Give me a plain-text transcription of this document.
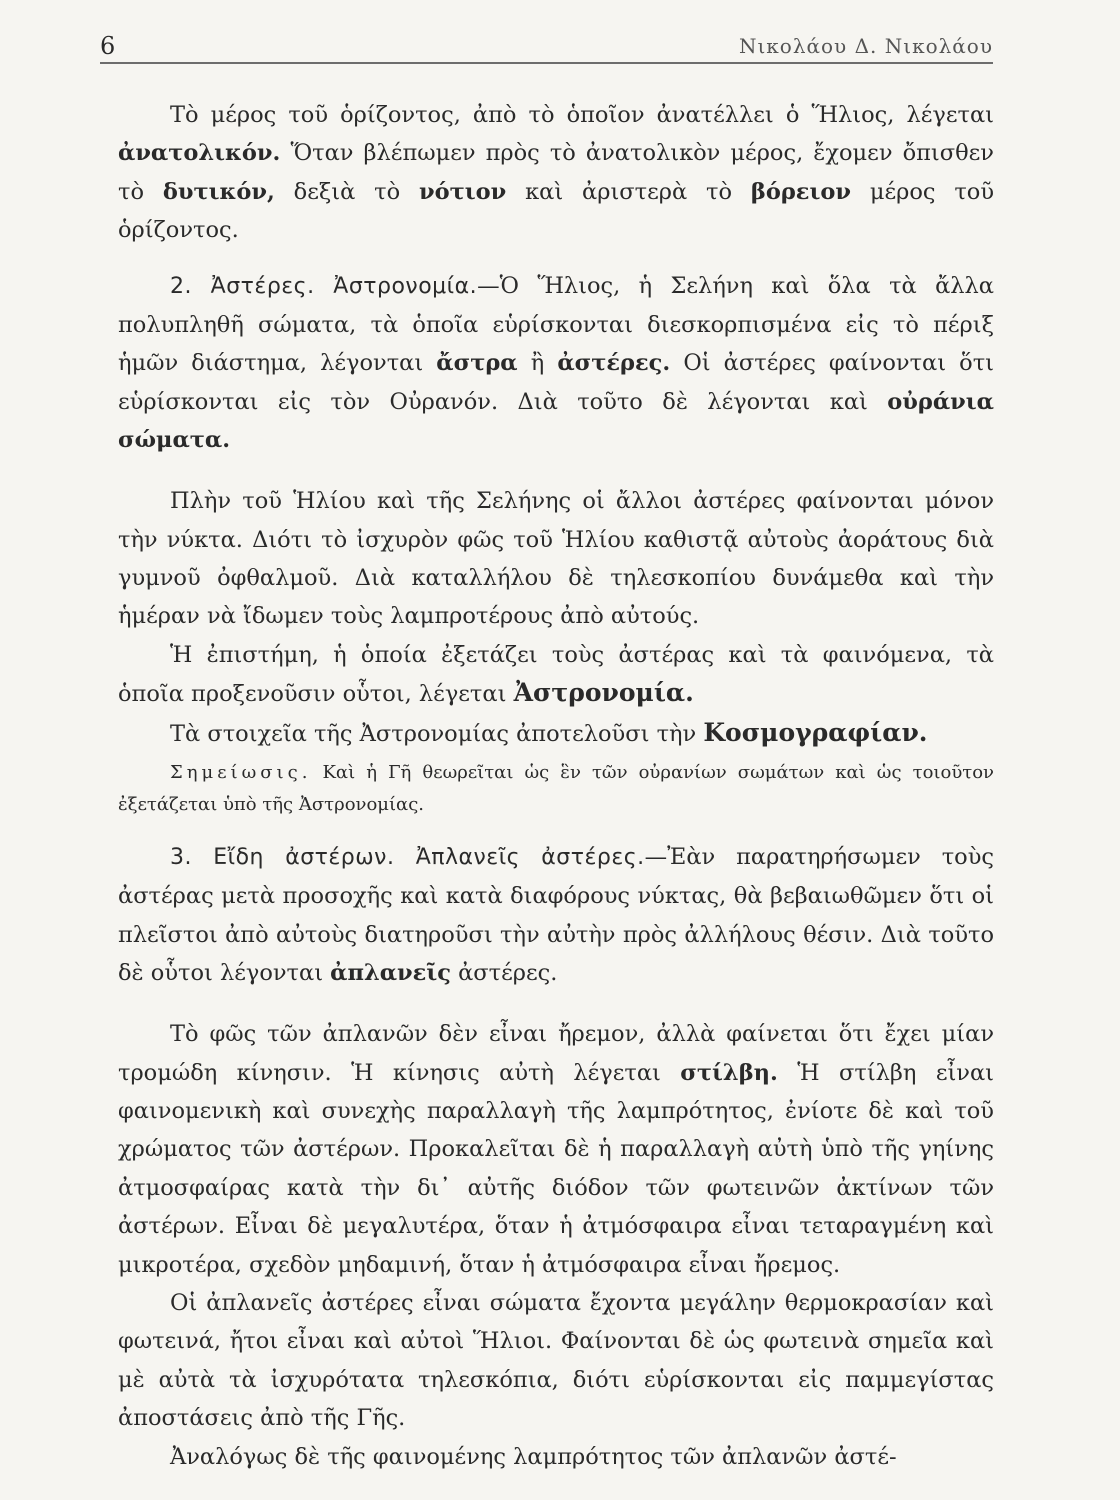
6	Νικολάου Δ. Νικολάου

Τὸ μέρος τοῦ ὁρίζοντος, ἀπὸ τὸ ὁποῖον ἀνατέλλει ὁ Ἥλιος, λέγεται ἀνατολικόν. Ὅταν βλέπωμεν πρὸς τὸ ἀνατολικὸν μέρος, ἔχομεν ὄπισθεν τὸ δυτικόν, δεξιὰ τὸ νότιον καὶ ἀριστερὰ τὸ βόρειον μέρος τοῦ ὁρίζοντος.

2. Ἀστέρες. Ἀστρονομία.—Ὁ Ἥλιος, ἡ Σελήνη καὶ ὅλα τὰ ἄλλα πολυπληθῆ σώματα, τὰ ὁποῖα εὑρίσκονται διεσκορπισμένα εἰς τὸ πέριξ ἡμῶν διάστημα, λέγονται ἄστρα ἢ ἀστέρες. Οἱ ἀστέρες φαίνονται ὅτι εὑρίσκονται εἰς τὸν Οὐρανόν. Διὰ τοῦτο δὲ λέγονται καὶ οὐράνια σώματα.

Πλὴν τοῦ Ἡλίου καὶ τῆς Σελήνης οἱ ἄλλοι ἀστέρες φαίνονται μόνον τὴν νύκτα. Διότι τὸ ἰσχυρὸν φῶς τοῦ Ἡλίου καθιστᾷ αὐτοὺς ἀοράτους διὰ γυμνοῦ ὀφθαλμοῦ. Διὰ καταλλήλου δὲ τηλεσκοπίου δυνάμεθα καὶ τὴν ἡμέραν νὰ ἴδωμεν τοὺς λαμπροτέρους ἀπὸ αὐτούς.

Ἡ ἐπιστήμη, ἡ ὁποία ἐξετάζει τοὺς ἀστέρας καὶ τὰ φαινόμενα, τὰ ὁποῖα προξενοῦσιν οὗτοι, λέγεται Ἀστρονομία.

Τὰ στοιχεῖα τῆς Ἀστρονομίας ἀποτελοῦσι τὴν Κοσμογραφίαν.

Σημείωσις. Καὶ ἡ Γῆ θεωρεῖται ὡς ἓν τῶν οὐρανίων σωμάτων καὶ ὡς τοιοῦτον ἐξετάζεται ὑπὸ τῆς Ἀστρονομίας.

3. Εἴδη ἀστέρων. Ἀπλανεῖς ἀστέρες.—Ἐὰν παρατηρήσωμεν τοὺς ἀστέρας μετὰ προσοχῆς καὶ κατὰ διαφόρους νύκτας, θὰ βεβαιωθῶμεν ὅτι οἱ πλεῖστοι ἀπὸ αὐτοὺς διατηροῦσι τὴν αὐτὴν πρὸς ἀλλήλους θέσιν. Διὰ τοῦτο δὲ οὗτοι λέγονται ἀπλανεῖς ἀστέρες.

Τὸ φῶς τῶν ἀπλανῶν δὲν εἶναι ἤρεμον, ἀλλὰ φαίνεται ὅτι ἔχει μίαν τρομώδη κίνησιν. Ἡ κίνησις αὐτὴ λέγεται στίλβη. Ἡ στίλβη εἶναι φαινομενικὴ καὶ συνεχὴς παραλλαγὴ τῆς λαμπρότητος, ἐνίοτε δὲ καὶ τοῦ χρώματος τῶν ἀστέρων. Προκαλεῖται δὲ ἡ παραλλαγὴ αὐτὴ ὑπὸ τῆς γηίνης ἀτμοσφαίρας κατὰ τὴν δι᾽ αὐτῆς διόδον τῶν φωτεινῶν ἀκτίνων τῶν ἀστέρων. Εἶναι δὲ μεγαλυτέρα, ὅταν ἡ ἀτμόσφαιρα εἶναι τεταραγμένη καὶ μικροτέρα, σχεδὸν μηδαμινή, ὅταν ἡ ἀτμόσφαιρα εἶναι ἤρεμος.

Οἱ ἀπλανεῖς ἀστέρες εἶναι σώματα ἔχοντα μεγάλην θερμοκρασίαν καὶ φωτεινά, ἤτοι εἶναι καὶ αὐτοὶ Ἥλιοι. Φαίνονται δὲ ὡς φωτεινὰ σημεῖα καὶ μὲ αὐτὰ τὰ ἰσχυρότατα τηλεσκόπια, διότι εὑρίσκονται εἰς παμμεγίστας ἀποστάσεις ἀπὸ τῆς Γῆς.

Ἀναλόγως δὲ τῆς φαινομένης λαμπρότητος τῶν ἀπλανῶν ἀστέ-
